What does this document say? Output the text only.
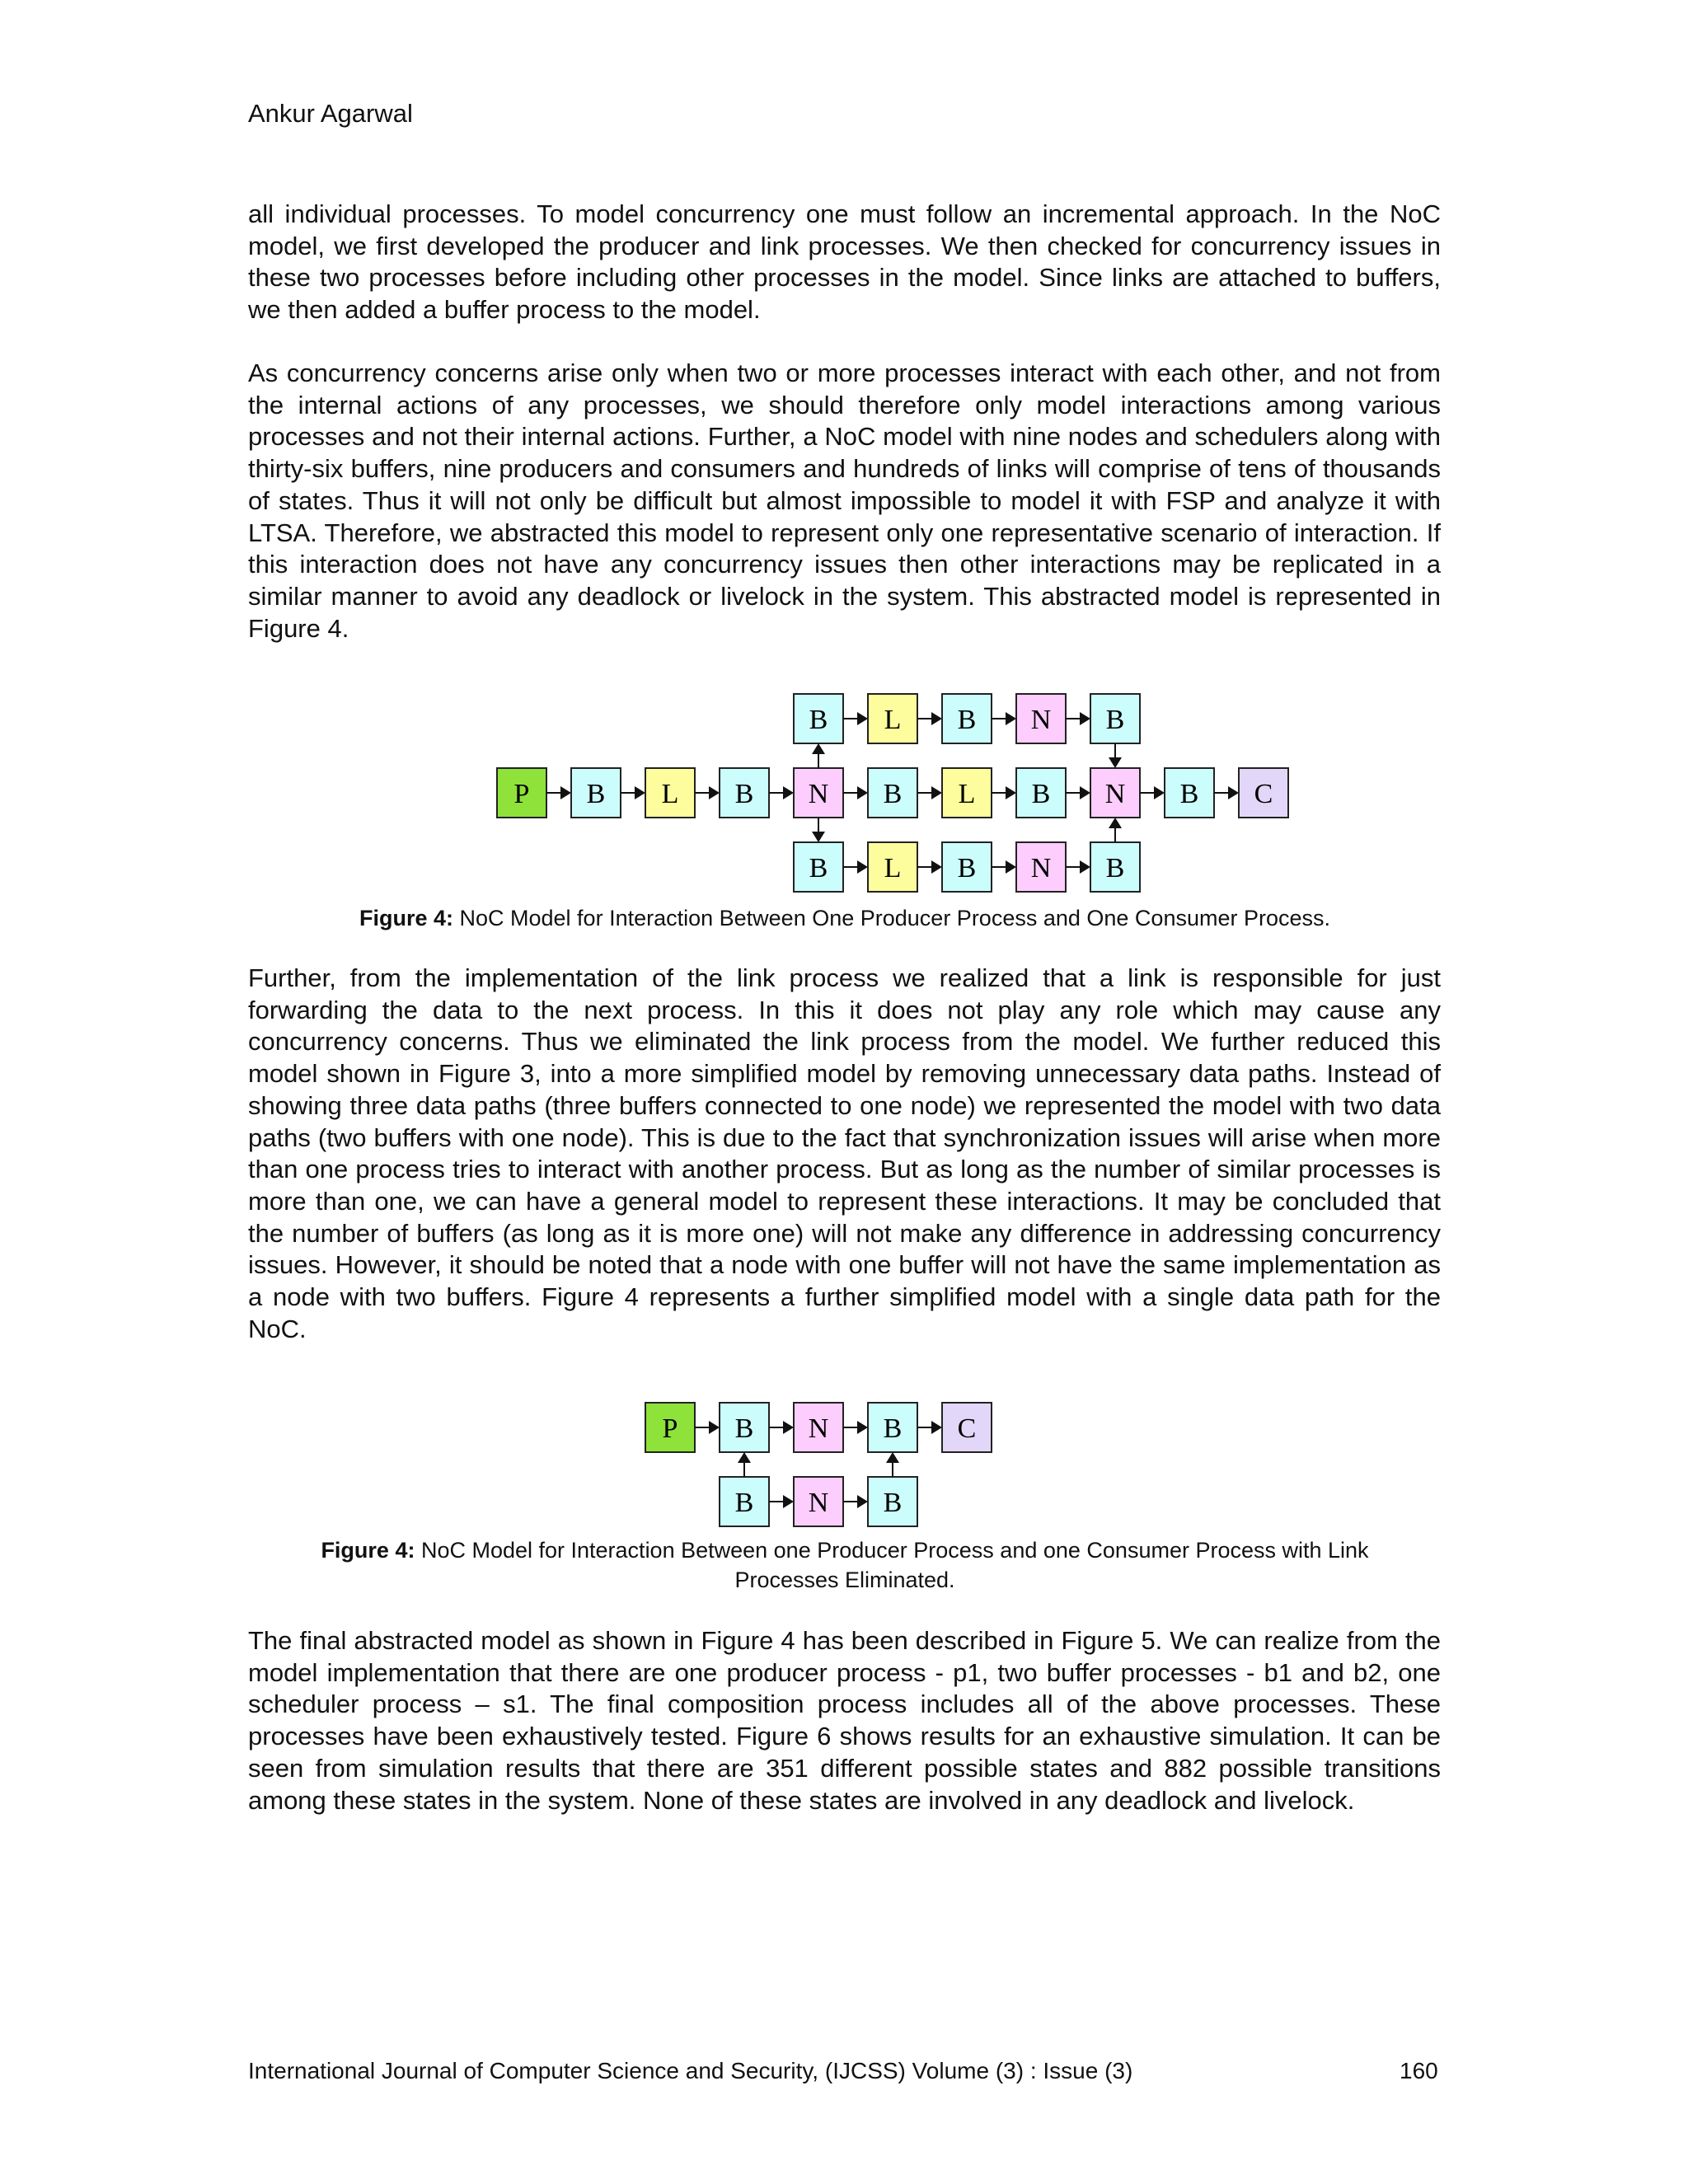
Ankur Agarwal

all individual processes. To model concurrency one must follow an incremental approach. In the NoC model, we first developed the producer and link processes. We then checked for concurrency issues in these two processes before including other processes in the model. Since links are attached to buffers, we then added a buffer process to the model.

As concurrency concerns arise only when two or more processes interact with each other, and not from the internal actions of any processes, we should therefore only model interactions among various processes and not their internal actions. Further, a NoC model with nine nodes and schedulers along with thirty-six buffers, nine producers and consumers and hundreds of links will comprise of tens of thousands of states. Thus it will not only be difficult but almost impossible to model it with FSP and analyze it with LTSA. Therefore, we abstracted this model to represent only one representative scenario of interaction. If this interaction does not have any concurrency issues then other interactions may be replicated in a similar manner to avoid any deadlock or livelock in the system. This abstracted model is represented in Figure 4.

B L B N B
P B L B N B L B N B C
B L B N B

Figure 4: NoC Model for Interaction Between One Producer Process and One Consumer Process.

Further, from the implementation of the link process we realized that a link is responsible for just forwarding the data to the next process. In this it does not play any role which may cause any concurrency concerns. Thus we eliminated the link process from the model. We further reduced this model shown in Figure 3, into a more simplified model by removing unnecessary data paths. Instead of showing three data paths (three buffers connected to one node) we represented the model with two data paths (two buffers with one node). This is due to the fact that synchronization issues will arise when more than one process tries to interact with another process. But as long as the number of similar processes is more than one, we can have a general model to represent these interactions. It may be concluded that the number of buffers (as long as it is more one) will not make any difference in addressing concurrency issues. However, it should be noted that a node with one buffer will not have the same implementation as a node with two buffers. Figure 4 represents a further simplified model with a single data path for the NoC.

P B N B C
B N B
Figure 4: NoC Model for Interaction Between one Producer Process and one Consumer Process with Link
Processes Eliminated.

The final abstracted model as shown in Figure 4 has been described in Figure 5. We can realize from the model implementation that there are one producer process - p1, two buffer processes - b1 and b2, one scheduler process – s1. The final composition process includes all of the above processes. These processes have been exhaustively tested. Figure 6 shows results for an exhaustive simulation. It can be seen from simulation results that there are 351 different possible states and 882 possible transitions among these states in the system. None of these states are involved in any deadlock and livelock.

International Journal of Computer Science and Security, (IJCSS) Volume (3) : Issue (3)	160
